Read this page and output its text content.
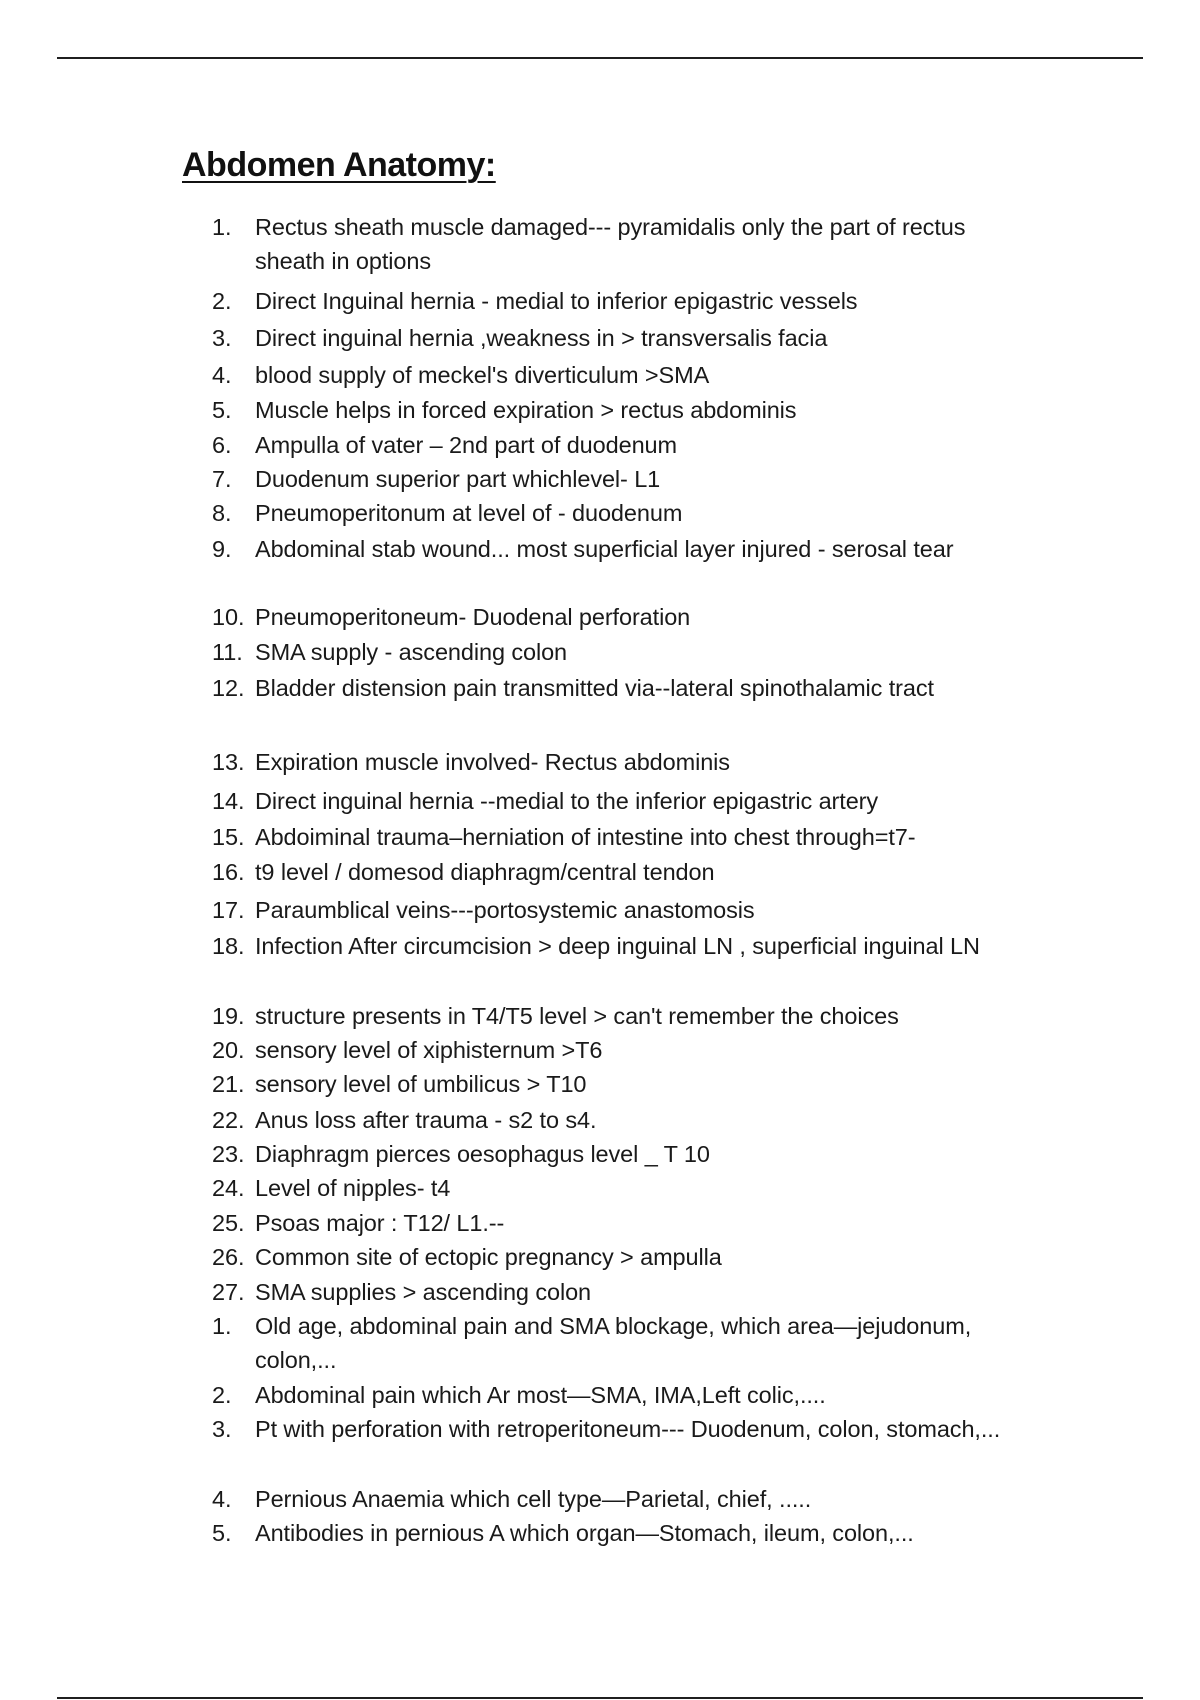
Abdomen Anatomy:
1.	Rectus sheath muscle damaged--- pyramidalis only the part of rectus sheath in options
2.	Direct Inguinal hernia - medial to inferior epigastric vessels
3.	Direct inguinal hernia ,weakness in > transversalis facia
4.	blood supply of meckel's diverticulum >SMA
5.	Muscle helps in forced expiration > rectus abdominis
6.	Ampulla of vater – 2nd part of duodenum
7.	Duodenum superior part whichlevel- L1
8.	Pneumoperitonum at level of - duodenum
9.	Abdominal stab wound... most superficial layer injured - serosal tear
10. Pneumoperitoneum- Duodenal perforation
11. SMA supply - ascending colon
12. Bladder distension pain transmitted via--lateral spinothalamic tract
13. Expiration muscle involved- Rectus abdominis
14. Direct inguinal hernia --medial to the inferior epigastric artery
15. Abdoiminal trauma–herniation of intestine into chest through=t7-
16. t9 level / domesod diaphragm/central tendon
17. Paraumblical veins---portosystemic anastomosis
18. Infection After circumcision > deep inguinal LN , superficial inguinal LN
19. structure presents in T4/T5 level > can't remember the choices
20. sensory level of xiphisternum >T6
21. sensory level of umbilicus > T10
22. Anus loss after trauma - s2 to s4.
23. Diaphragm pierces oesophagus level _ T 10
24. Level of nipples- t4
25. Psoas major : T12/ L1.--
26. Common site of ectopic pregnancy > ampulla
27. SMA supplies > ascending colon
1.	Old age, abdominal pain and SMA blockage, which area—jejudonum, colon,...
2.	Abdominal pain which Ar most—SMA, IMA,Left colic,....
3.	Pt with perforation with retroperitoneum--- Duodenum, colon, stomach,...
4.	Pernious Anaemia which cell type—Parietal, chief, .....
5.	Antibodies in pernious A which organ—Stomach, ileum, colon,...
